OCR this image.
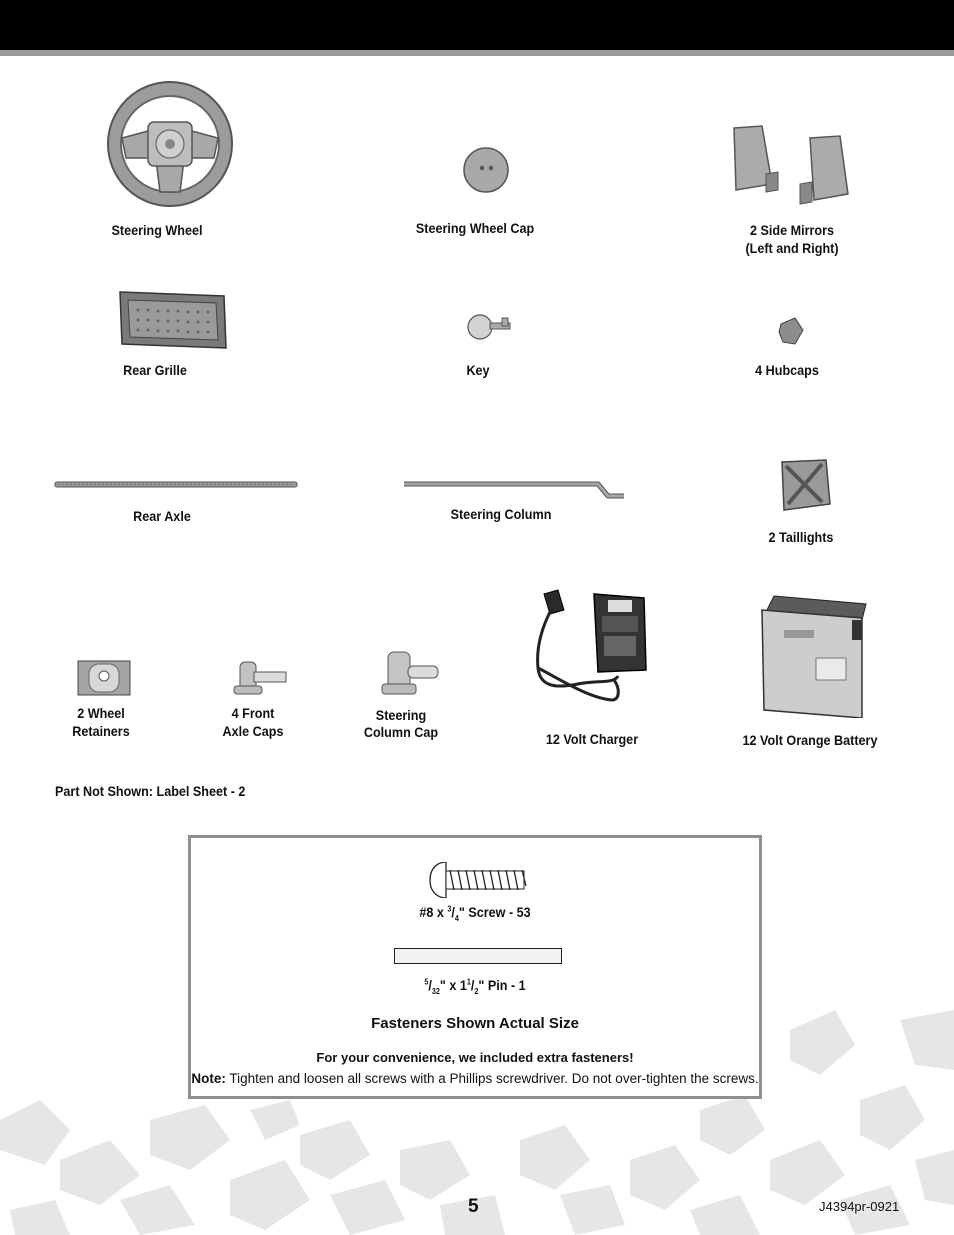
Steering Wheel	Steering Wheel Cap	2 Side Mirrors
(Left and Right)
Rear Grille	Key	4 Hubcaps
Rear Axle	Steering Column
2 Taillights
2 Wheel
Retainers
4 Front
Axle Caps
Steering
Column Cap	12 Volt Charger	12 Volt Orange Battery
Part Not Shown: Label Sheet - 2
#8 x $^3/_4$" Screw - 53
$^5/_{32}$" x $1^1/_2$" Pin - 1
Fasteners Shown Actual Size
For your convenience, we included extra fasteners!
Note: Tighten and loosen all screws with a Phillips screwdriver. Do not over-tighten the screws.
5	J4394pr-0921
